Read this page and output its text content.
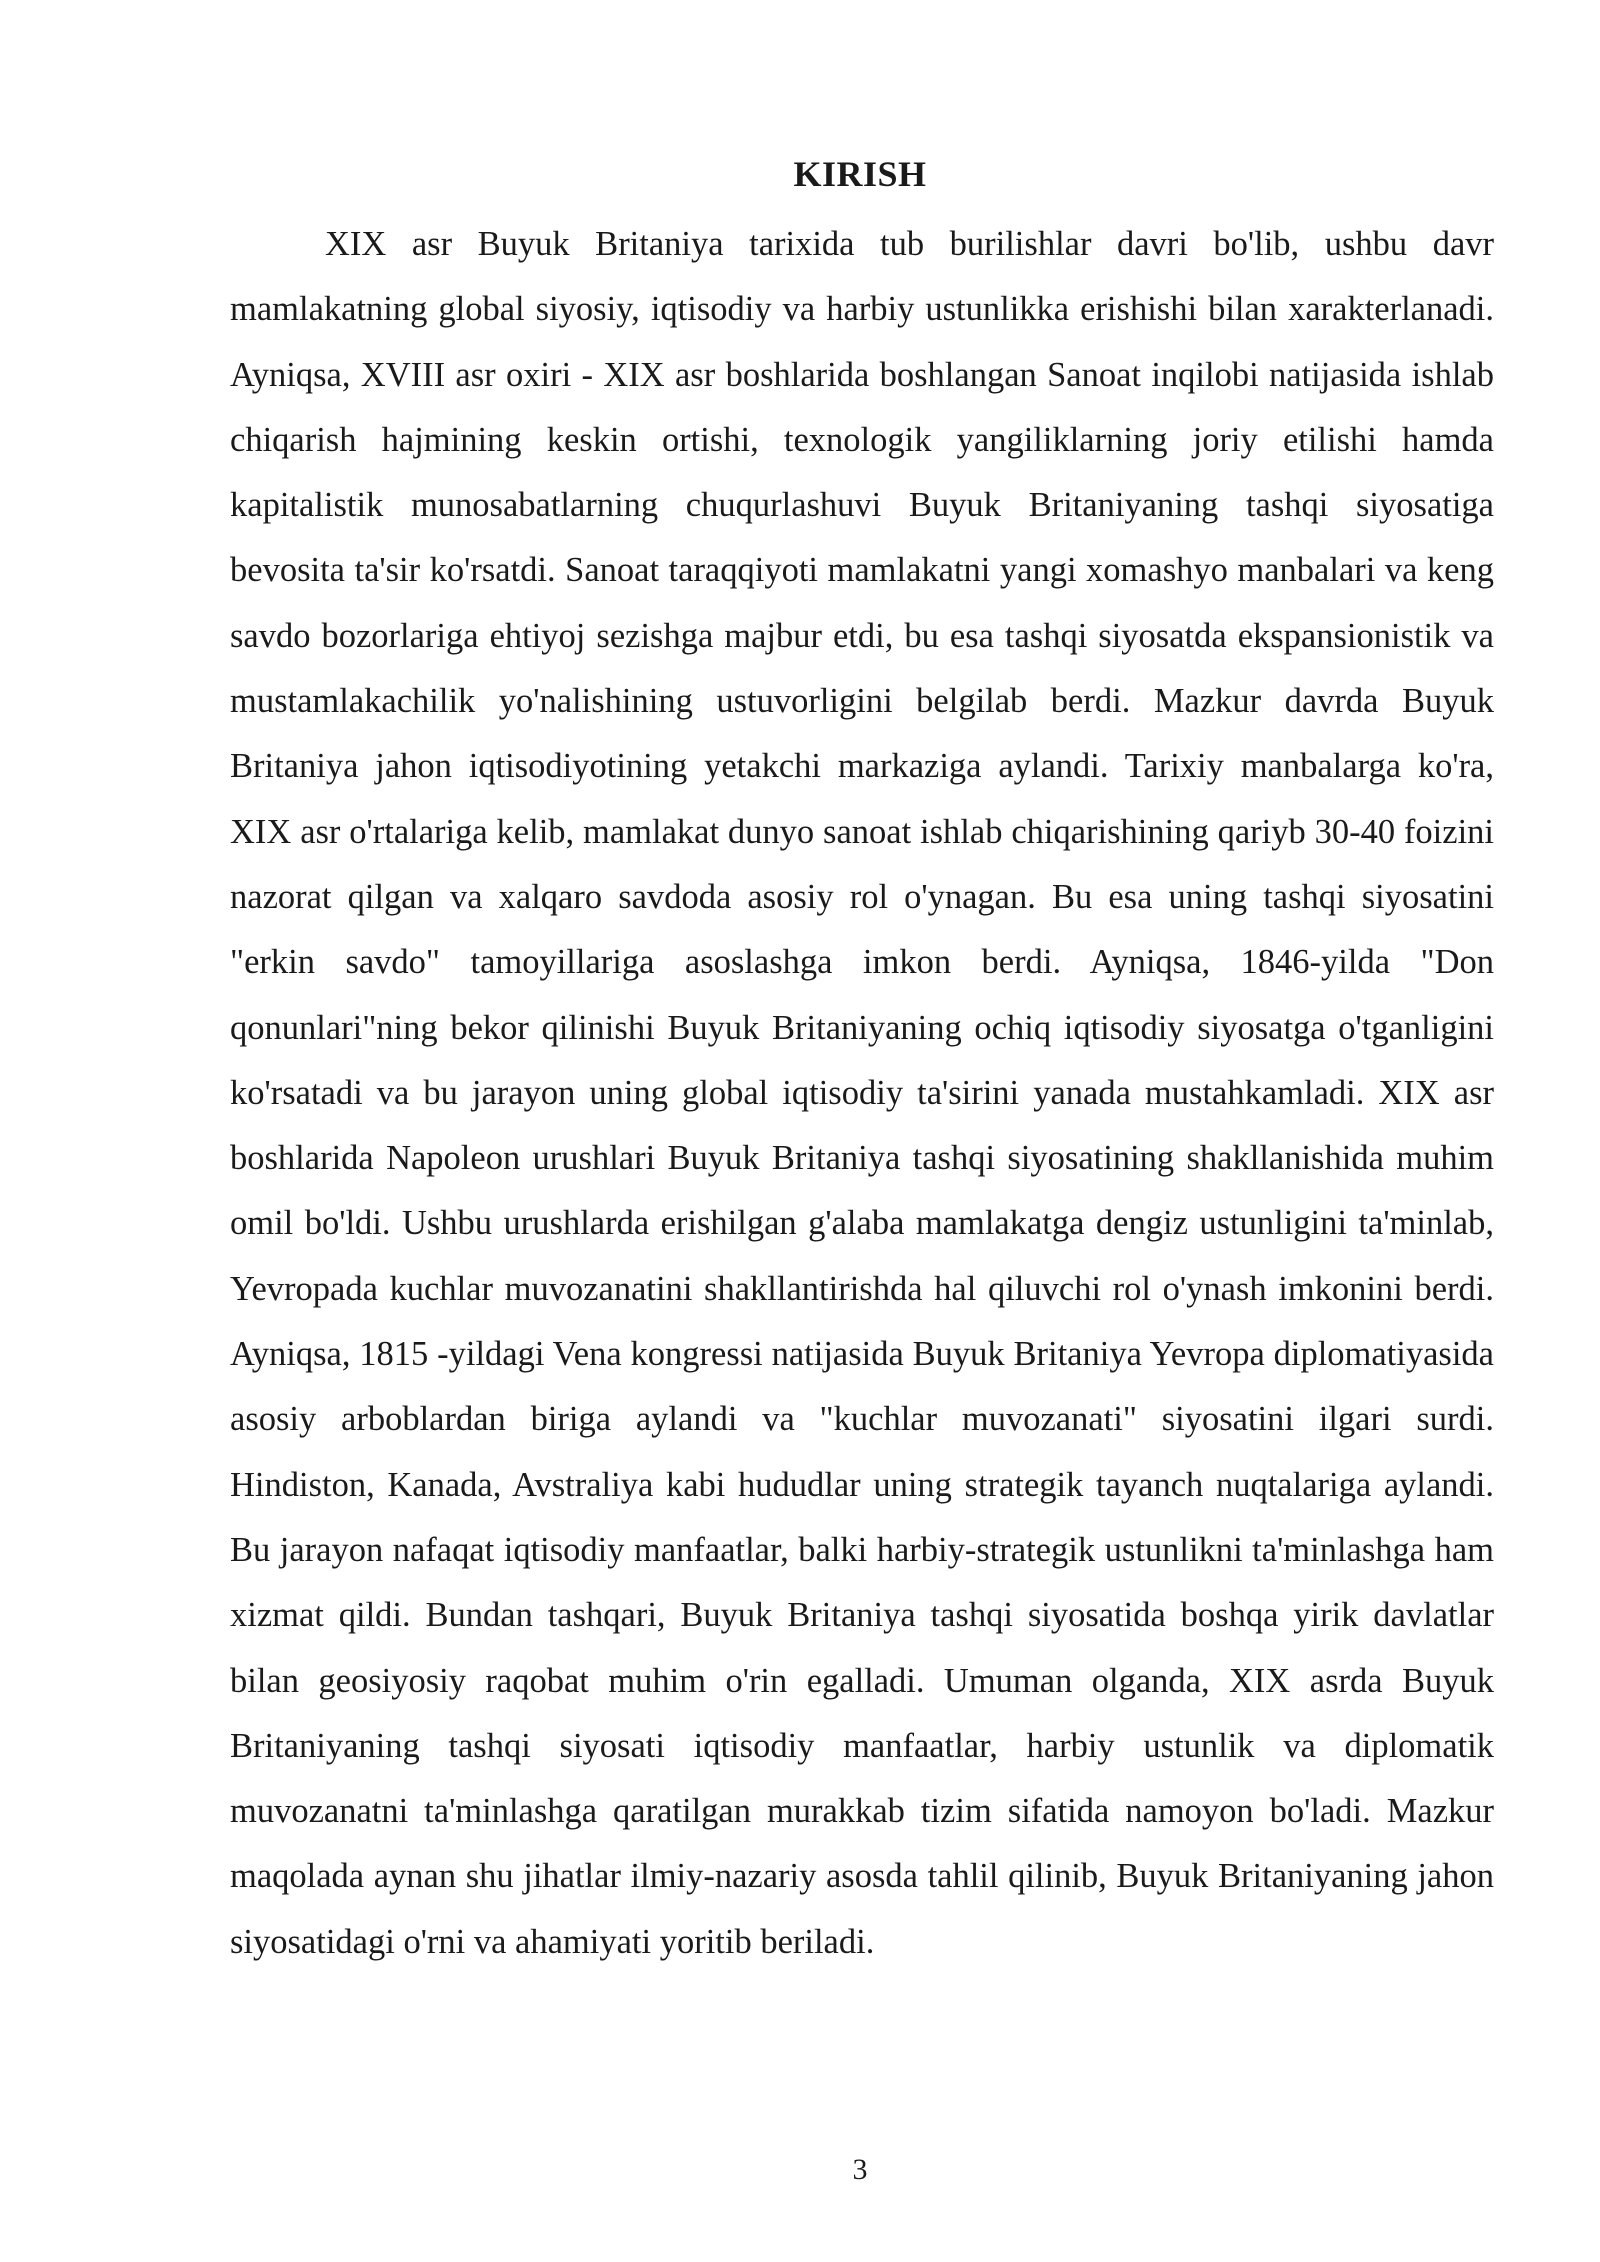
KIRISH

XIX asr Buyuk Britaniya tarixida tub burilishlar davri bo'lib, ushbu davr mamlakatning global siyosiy, iqtisodiy va harbiy ustunlikka erishishi bilan xarakterlanadi. Ayniqsa, XVIII asr oxiri - XIX asr boshlarida boshlangan Sanoat inqilobi natijasida ishlab chiqarish hajmining keskin ortishi, texnologik yangiliklarning joriy etilishi hamda kapitalistik munosabatlarning chuqurlashuvi Buyuk Britaniyaning tashqi siyosatiga bevosita ta'sir ko'rsatdi. Sanoat taraqqiyoti mamlakatni yangi xomashyo manbalari va keng savdo bozorlariga ehtiyoj sezishga majbur etdi, bu esa tashqi siyosatda ekspansionistik va mustamlakachilik yo'nalishining ustuvorligini belgilab berdi. Mazkur davrda Buyuk Britaniya jahon iqtisodiyotining yetakchi markaziga aylandi. Tarixiy manbalarga ko'ra, XIX asr o'rtalariga kelib, mamlakat dunyo sanoat ishlab chiqarishining qariyb 30-40 foizini nazorat qilgan va xalqaro savdoda asosiy rol o'ynagan. Bu esa uning tashqi siyosatini "erkin savdo" tamoyillariga asoslashga imkon berdi. Ayniqsa, 1846-yilda "Don qonunlari"ning bekor qilinishi Buyuk Britaniyaning ochiq iqtisodiy siyosatga o'tganligini ko'rsatadi va bu jarayon uning global iqtisodiy ta'sirini yanada mustahkamladi. XIX asr boshlarida Napoleon urushlari Buyuk Britaniya tashqi siyosatining shakllanishida muhim omil bo'ldi. Ushbu urushlarda erishilgan g'alaba mamlakatga dengiz ustunligini ta'minlab, Yevropada kuchlar muvozanatini shakllantirishda hal qiluvchi rol o'ynash imkonini berdi. Ayniqsa, 1815 -yildagi Vena kongressi natijasida Buyuk Britaniya Yevropa diplomatiyasida asosiy arboblardan biriga aylandi va "kuchlar muvozanati" siyosatini ilgari surdi. Hindiston, Kanada, Avstraliya kabi hududlar uning strategik tayanch nuqtalariga aylandi. Bu jarayon nafaqat iqtisodiy manfaatlar, balki harbiy-strategik ustunlikni ta'minlashga ham xizmat qildi. Bundan tashqari, Buyuk Britaniya tashqi siyosatida boshqa yirik davlatlar bilan geosiyosiy raqobat muhim o'rin egalladi. Umuman olganda, XIX asrda Buyuk Britaniyaning tashqi siyosati iqtisodiy manfaatlar, harbiy ustunlik va diplomatik muvozanatni ta'minlashga qaratilgan murakkab tizim sifatida namoyon bo'ladi. Mazkur maqolada aynan shu jihatlar ilmiy-nazariy asosda tahlil qilinib, Buyuk Britaniyaning jahon siyosatidagi o'rni va ahamiyati yoritib beriladi.

3
